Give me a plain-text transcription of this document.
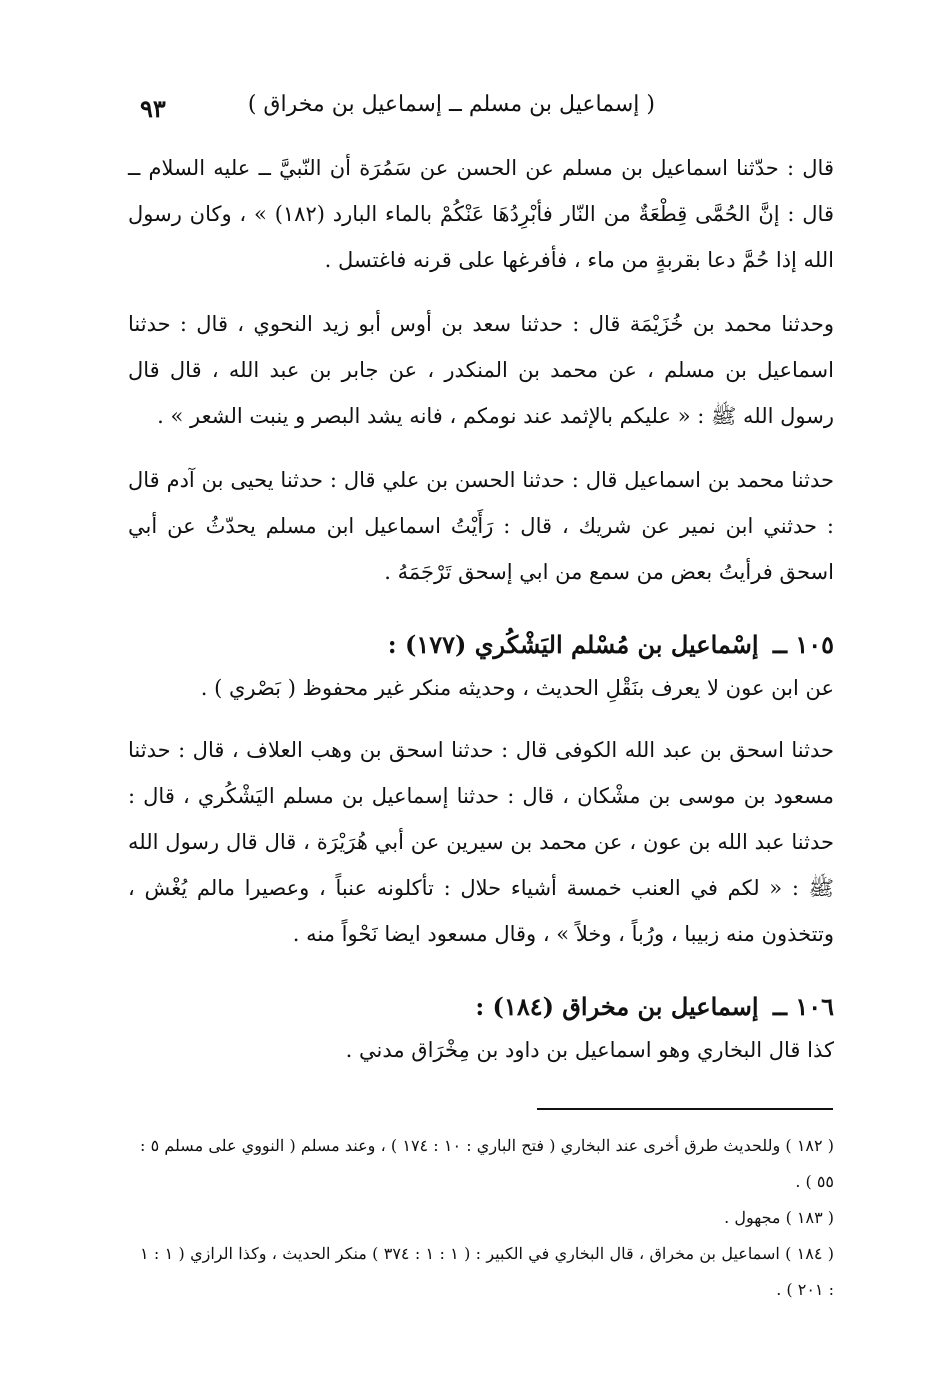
( إسماعيل بن مسلم ــ إسماعيل بن مخراق )
٩٣

قال : حدّثنا اسماعيل بن مسلم عن الحسن عن سَمُرَة أن النّبيَّ ــ عليه السلام ــ قال : إنَّ الحُمَّى قِطْعَةٌ من النّار فأبْرِدُهَا عَنْكُمْ بالماء البارد (١٨٢) » ، وكان رسول الله إذا حُمَّ دعا بقربةٍ من ماء ، فأفرغها على قرنه فاغتسل .

وحدثنا محمد بن خُزَيْمَة قال : حدثنا سعد بن أوس أبو زيد النحوي ، قال : حدثنا اسماعيل بن مسلم ، عن محمد بن المنكدر ، عن جابر بن عبد الله ، قال قال رسول الله ﷺ : « عليكم بالإثمد عند نومكم ، فانه يشد البصر و ينبت الشعر » .

حدثنا محمد بن اسماعيل قال : حدثنا الحسن بن علي قال : حدثنا يحيى بن آدم قال : حدثني ابن نمير عن شريك ، قال : رَأَيْتُ اسماعيل ابن مسلم يحدّثُ عن أبي اسحق فرأيتُ بعض من سمع من ابي إسحق تَرْجَمَهُ .

١٠٥ ــ إسْماعيل بن مُسْلم اليَشْكُري (١٧٧) :

عن ابن عون لا يعرف بنَقْلِ الحديث ، وحديثه منكر غير محفوظ ( بَصْري ) .

حدثنا اسحق بن عبد الله الكوفى قال : حدثنا اسحق بن وهب العلاف ، قال : حدثنا مسعود بن موسى بن مشْكان ، قال : حدثنا إسماعيل بن مسلم اليَشْكُري ، قال : حدثنا عبد الله بن عون ، عن محمد بن سيرين عن أبي هُرَيْرَة ، قال قال رسول الله ﷺ : « لكم في العنب خمسة أشياء حلال : تأكلونه عنباً ، وعصيرا مالم يُغْش ، وتتخذون منه زبيبا ، ورُباً ، وخلاً » ، وقال مسعود ايضا نَحْواً منه .

١٠٦ ــ إسماعيل بن مخراق (١٨٤) :

كذا قال البخاري وهو اسماعيل بن داود بن مِخْرَاق مدني .

( ١٨٢ ) وللحديث طرق أخرى عند البخاري ( فتح الباري : ١٠ : ١٧٤ ) ، وعند مسلم ( النووي على مسلم ٥ : ٥٥ ) .

( ١٨٣ ) مجهول .

( ١٨٤ ) اسماعيل بن مخراق ، قال البخاري في الكبير : ( ١ : ١ : ٣٧٤ ) منكر الحديث ، وكذا الرازي ( ١ : ١ : ٢٠١ ) .
